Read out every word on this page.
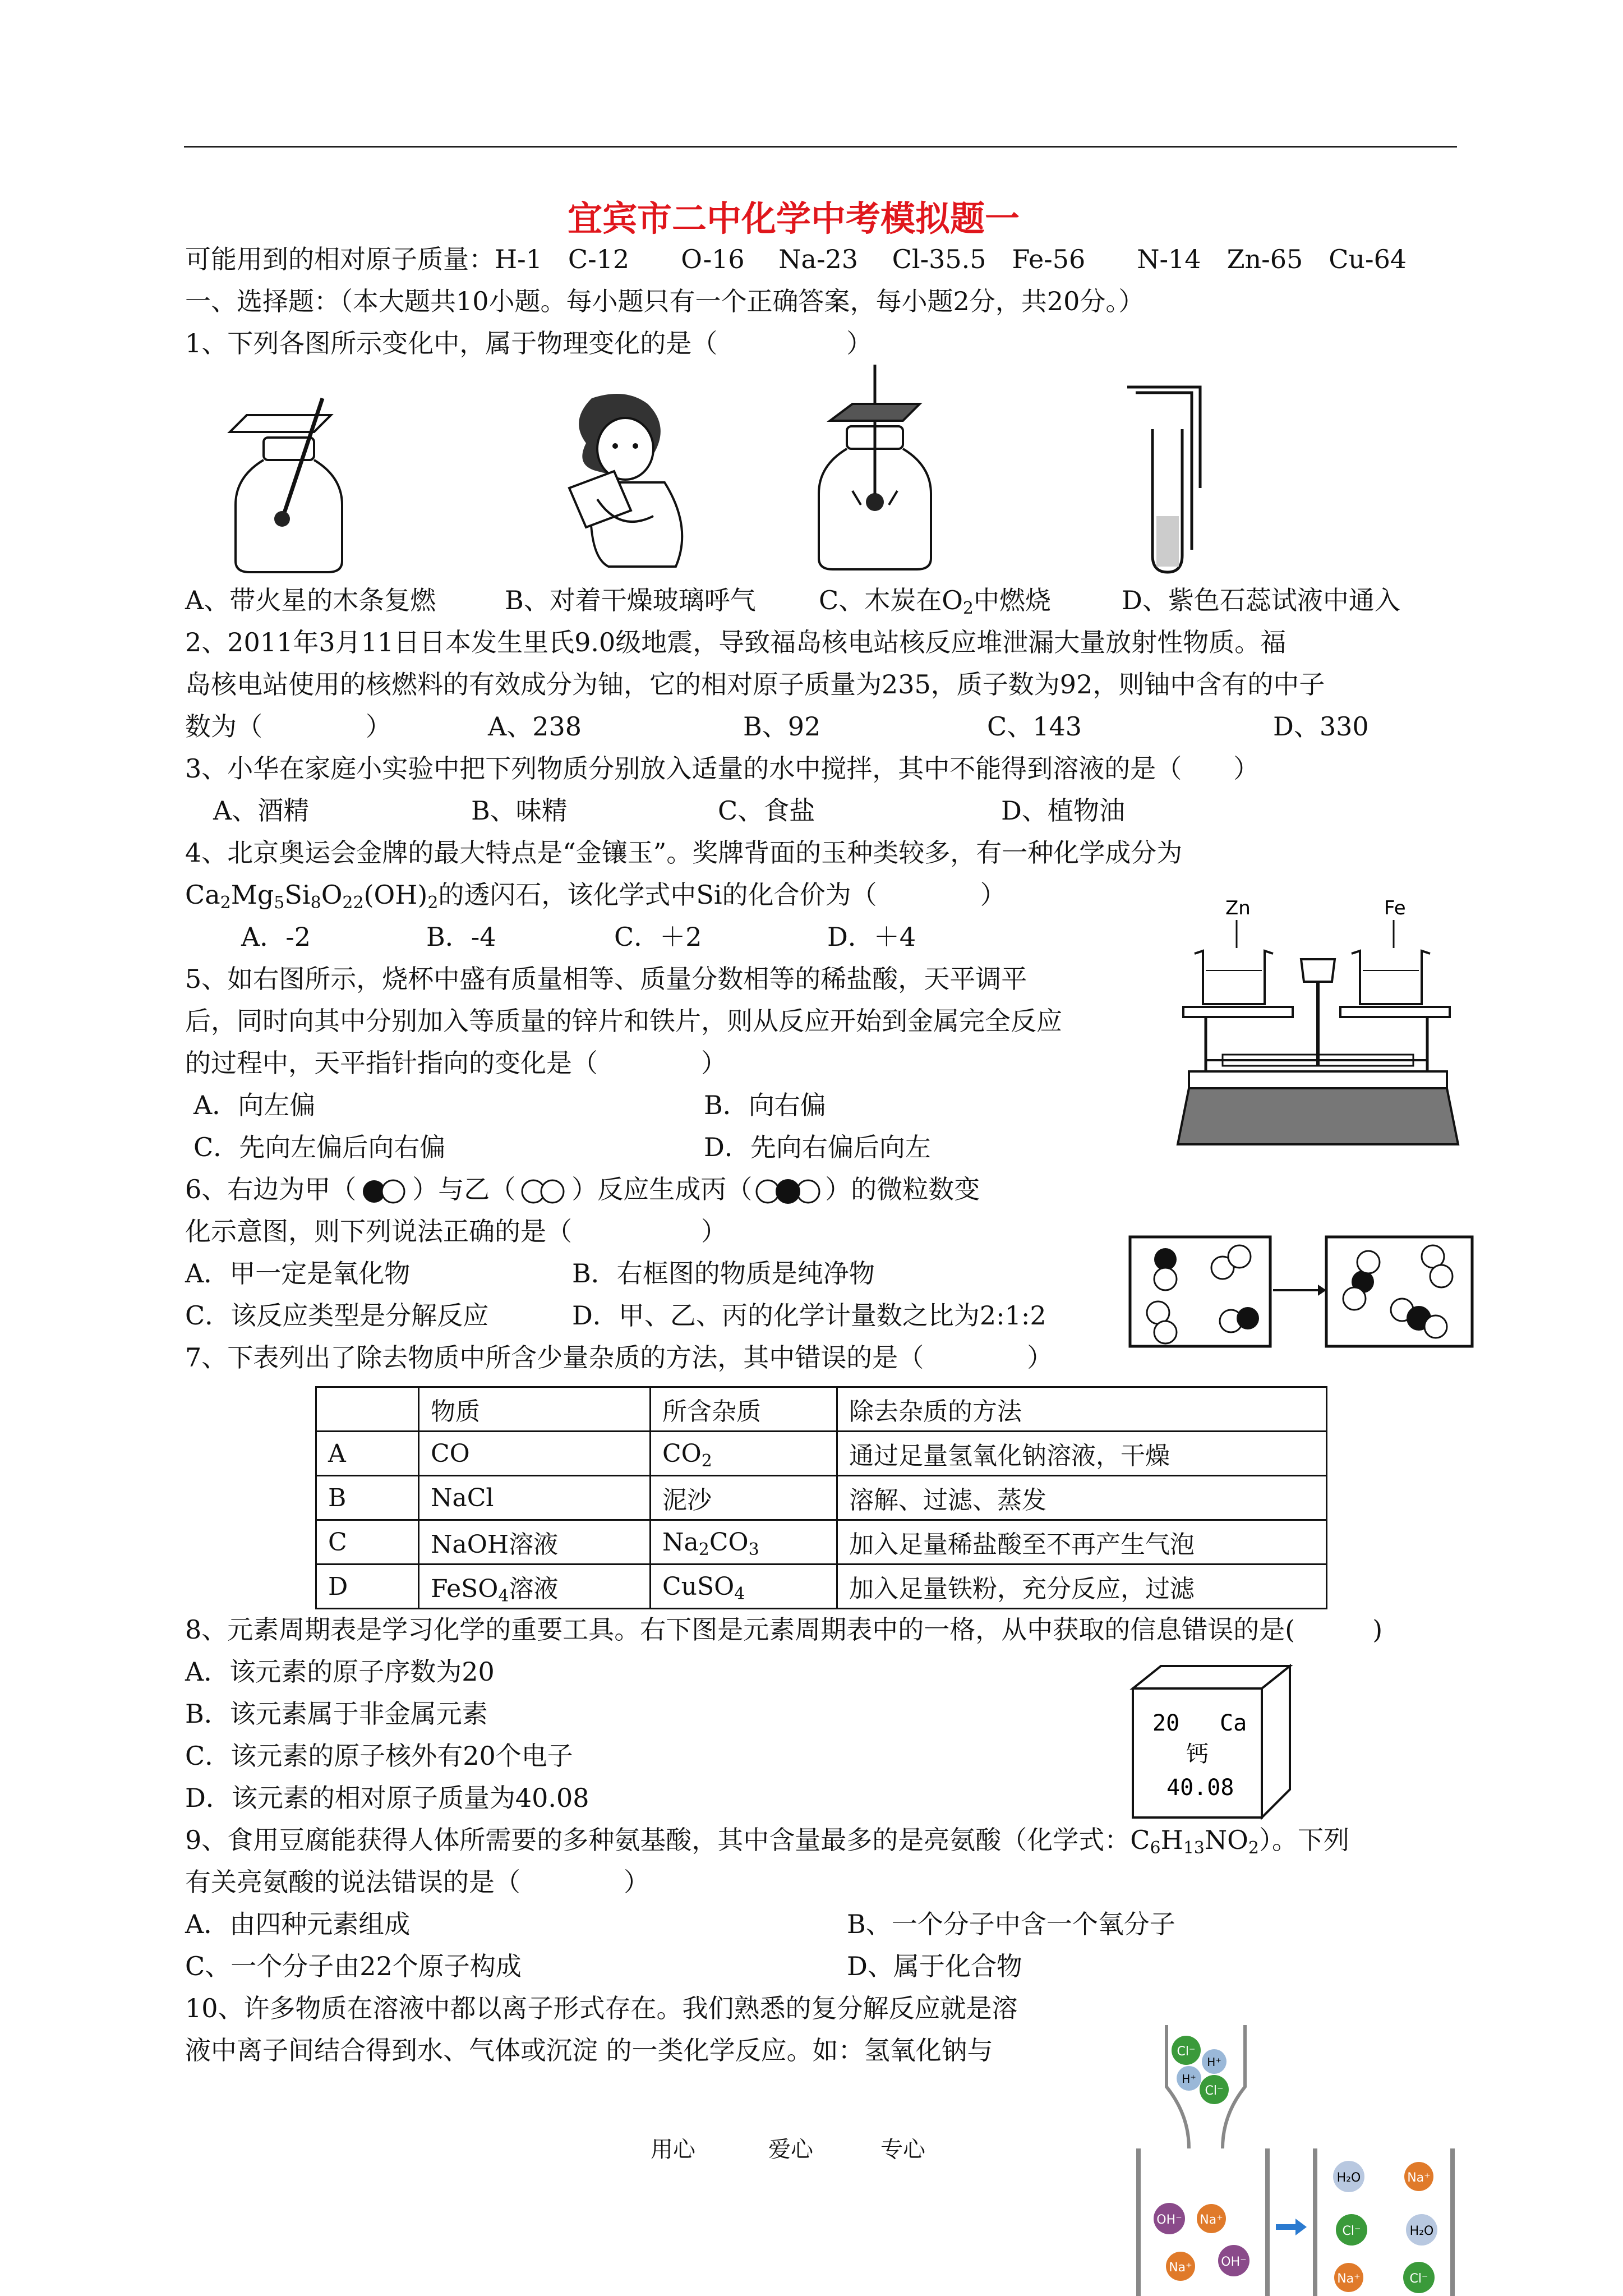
宜宾市二中化学中考模拟题一
可能用到的相对原子质量：H-1　C-12　　O-16　 Na-23　 Cl-35.5　Fe-56　　N-14　Zn-65　Cu-64
一、选择题：（本大题共10小题。每小题只有一个正确答案，每小题2分，共20分。）
1、下列各图所示变化中，属于物理变化的是（　　　　　）
A、带火星的木条复燃	B、对着干燥玻璃呼气 C、木炭在$O_2$中燃烧	D、紫色石蕊试液中通入
2、2011年3月11日日本发生里氏9.0级地震，导致福岛核电站核反应堆泄漏大量放射性物质。福
岛核电站使用的核燃料的有效成分为铀，它的相对原子质量为235，质子数为92，则铀中含有的中子
数为（　　　　）	A、238	B、92	C、143	D、330
3、小华在家庭小实验中把下列物质分别放入适量的水中搅拌，其中不能得到溶液的是（　　）
A、酒精	B、味精	C、食盐	D、植物油
4、北京奥运会金牌的最大特点是“金镶玉”。奖牌背面的玉种类较多，有一种化学成分为
$Ca_2Mg_5Si_8O_{22}(OH)_2$的透闪石，该化学式中Si的化合价为（　　　　）
A．-2	B．-4	C．＋2	D．＋4
Zn	Fe
5、如右图所示，烧杯中盛有质量相等、质量分数相等的稀盐酸，天平调平
后，同时向其中分别加入等质量的锌片和铁片，则从反应开始到金属完全反应
的过程中，天平指针指向的变化是（　　　　）
A．向左偏	B．向右偏
C．先向左偏后向右偏	D．先向右偏后向左
6、右边为甲（ ）与乙（ ）反应生成丙（	）的微粒数变
化示意图，则下列说法正确的是（　　　　　）
A．甲一定是氧化物	B．右框图的物质是纯净物
C．该反应类型是分解反应	D．甲、乙、丙的化学计量数之比为2:1:2
7、下表列出了除去物质中所含少量杂质的方法，其中错误的是（　　　　）
	物质	所含杂质	除去杂质的方法
A	CO	$CO_2$	通过足量氢氧化钠溶液，干燥
B	NaCl	泥沙	溶解、过滤、蒸发
C	NaOH溶液	$Na_2CO_3$	加入足量稀盐酸至不再产生气泡
D	FeSO$_4$溶液	CuSO$_4$	加入足量铁粉，充分反应，过滤
8、元素周期表是学习化学的重要工具。右下图是元素周期表中的一格，从中获取的信息错误的是(　　　)
A．该元素的原子序数为20
B．该元素属于非金属元素
C．该元素的原子核外有20个电子
D．该元素的相对原子质量为40.08
20 Ca
钙
40.08
9、食用豆腐能获得人体所需要的多种氨基酸，其中含量最多的是亮氨酸（化学式：$C_6H_{13}NO_2$）。下列
有关亮氨酸的说法错误的是（　　　　）
A．由四种元素组成	B、一个分子中含一个氧分子
C、一个分子由22个原子构成	D、属于化合物
10、许多物质在溶液中都以离子形式存在。我们熟悉的复分解反应就是溶
液中离子间结合得到水、气体或沉淀 的一类化学反应。如：氢氧化钠与	Cl⁻
H⁺
H⁺
Cl⁻
OH⁻ Na⁺
Na⁺ OH⁻
H₂O	Na⁺
Cl⁻	H₂O
Na⁺	Cl⁻
用心	爱心	专心
